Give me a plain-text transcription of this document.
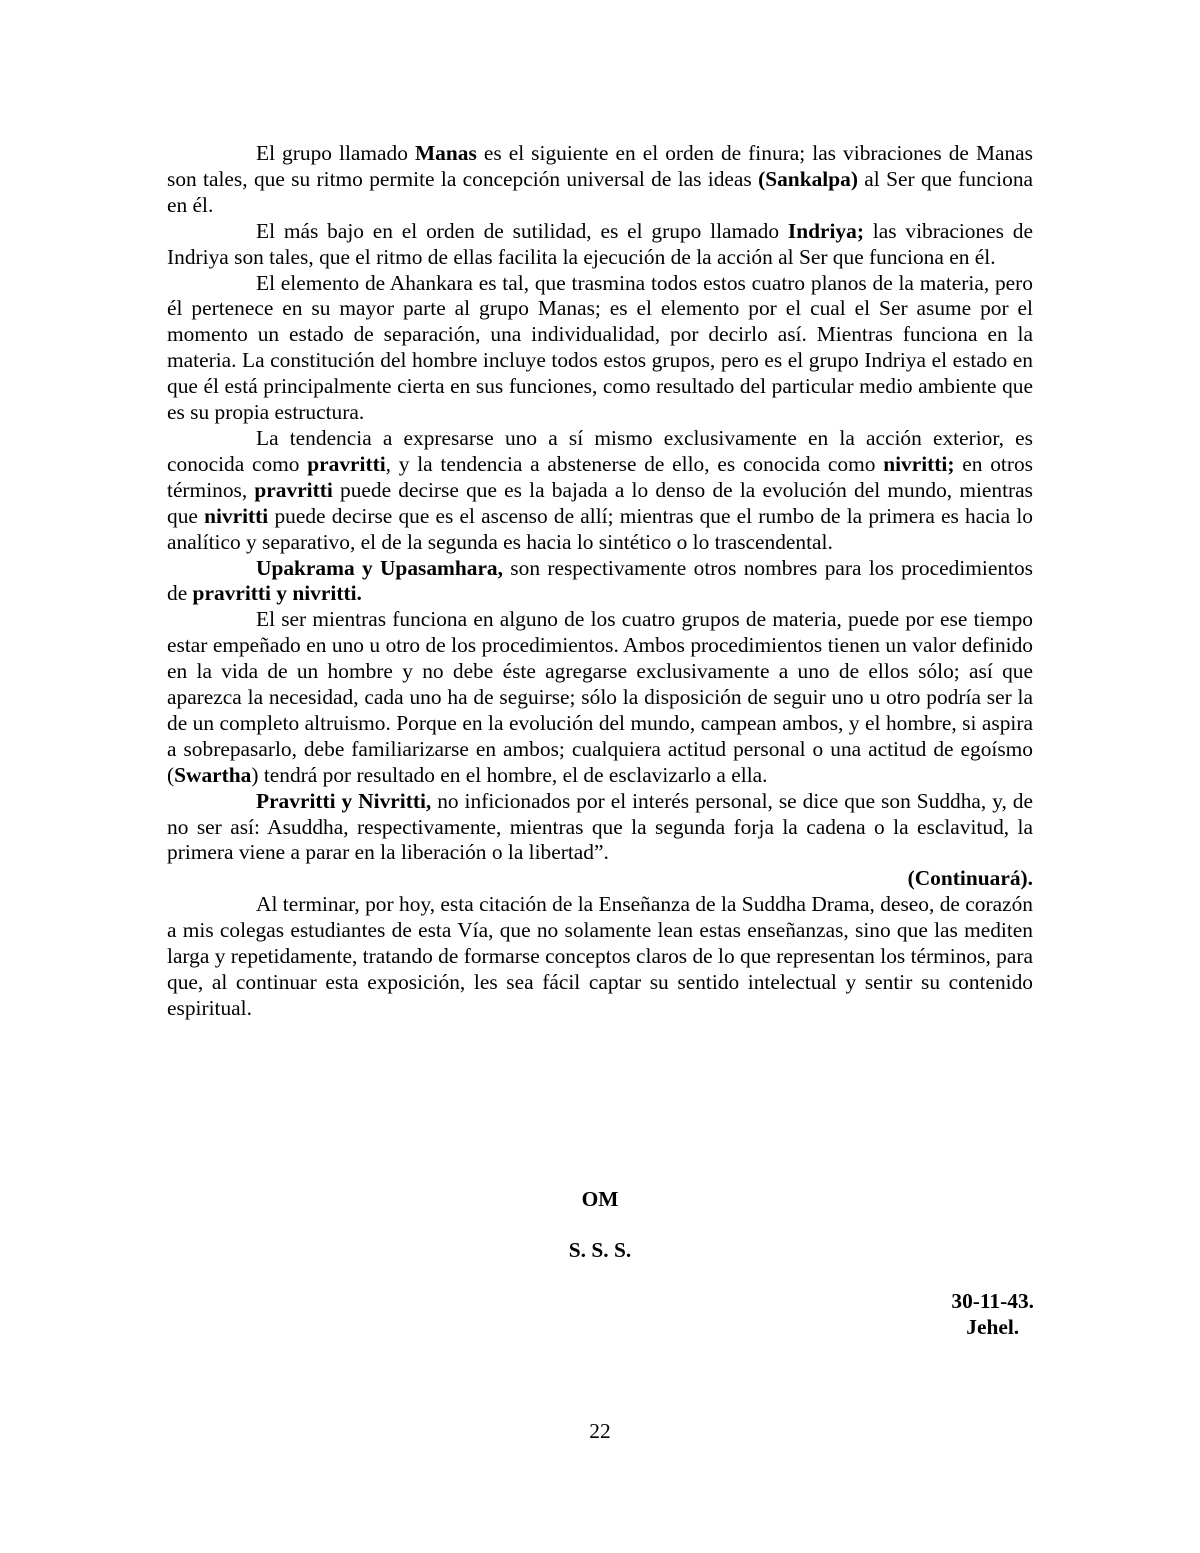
El grupo llamado Manas es el siguiente en el orden de finura; las vibraciones de Manas son tales, que su ritmo permite la concepción universal de las ideas (Sankalpa) al Ser que funciona en él.

El más bajo en el orden de sutilidad, es el grupo llamado Indriya; las vibraciones de Indriya son tales, que el ritmo de ellas facilita la ejecución de la acción al Ser que funciona en él.

El elemento de Ahankara es tal, que trasmina todos estos cuatro planos de la materia, pero él pertenece en su mayor parte al grupo Manas; es el elemento por el cual el Ser asume por el momento un estado de separación, una individualidad, por decirlo así. Mientras funciona en la materia. La constitución del hombre incluye todos estos grupos, pero es el grupo Indriya el estado en que él está principalmente cierta en sus funciones, como resultado del particular medio ambiente que es su propia estructura.

La tendencia a expresarse uno a sí mismo exclusivamente en la acción exterior, es conocida como pravritti, y la tendencia a abstenerse de ello, es conocida como nivritti; en otros términos, pravritti puede decirse que es la bajada a lo denso de la evolución del mundo, mientras que nivritti puede decirse que es el ascenso de allí; mientras que el rumbo de la primera es hacia lo analítico y separativo, el de la segunda es hacia lo sintético o lo trascendental.

Upakrama y Upasamhara, son respectivamente otros nombres para los procedimientos de pravritti y nivritti.

El ser mientras funciona en alguno de los cuatro grupos de materia, puede por ese tiempo estar empeñado en uno u otro de los procedimientos. Ambos procedimientos tienen un valor definido en la vida de un hombre y no debe éste agregarse exclusivamente a uno de ellos sólo; así que aparezca la necesidad, cada uno ha de seguirse; sólo la disposición de seguir uno u otro podría ser la de un completo altruismo. Porque en la evolución del mundo, campean ambos, y el hombre, si aspira a sobrepasarlo, debe familiarizarse en ambos; cualquiera actitud personal o una actitud de egoísmo (Swartha) tendrá por resultado en el hombre, el de esclavizarlo a ella.

Pravritti y Nivritti, no inficionados por el interés personal, se dice que son Suddha, y, de no ser así: Asuddha, respectivamente, mientras que la segunda forja la cadena o la esclavitud, la primera viene a parar en la liberación o la libertad”.

(Continuará).

Al terminar, por hoy, esta citación de la Enseñanza de la Suddha Drama, deseo, de corazón a mis colegas estudiantes de esta Vía, que no solamente lean estas enseñanzas, sino que las mediten larga y repetidamente, tratando de formarse conceptos claros de lo que representan los términos, para que, al continuar esta exposición, les sea fácil captar su sentido intelectual y sentir su contenido espiritual.

OM
S. S. S.
30-11-43.
Jehel.
22
